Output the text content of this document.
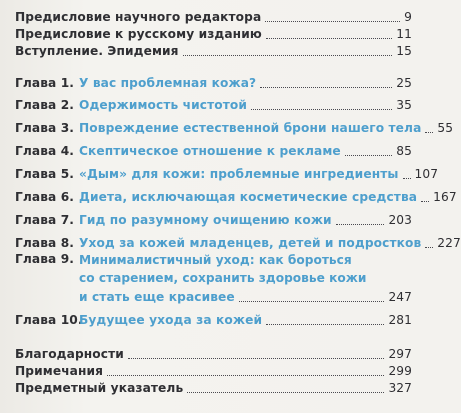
Предисловие научного редактора	9
Предисловие к русскому изданию	11
Вступление. Эпидемия	15
Глава 1. У вас проблемная кожа?	25
Глава 2. Одержимость чистотой	35
Глава 3. Повреждение естественной брони нашего тела 55
Глава 4. Скептическое отношение к рекламе	85
Глава 5. «Дым» для кожи: проблемные ингредиенты 107
Глава 6. Диета, исключающая косметические средства 167
Глава 7. Гид по разумному очищению кожи	203
Глава 8. Уход за кожей младенцев, детей и подростков 227
Глава 9. Минималистичный уход: как бороться
со старением, сохранить здоровье кожи
и стать еще красивее	247
Глава 10.
Будущее ухода за кожей	281
Благодарности	297
Примечания	299
Предметный указатель	327
